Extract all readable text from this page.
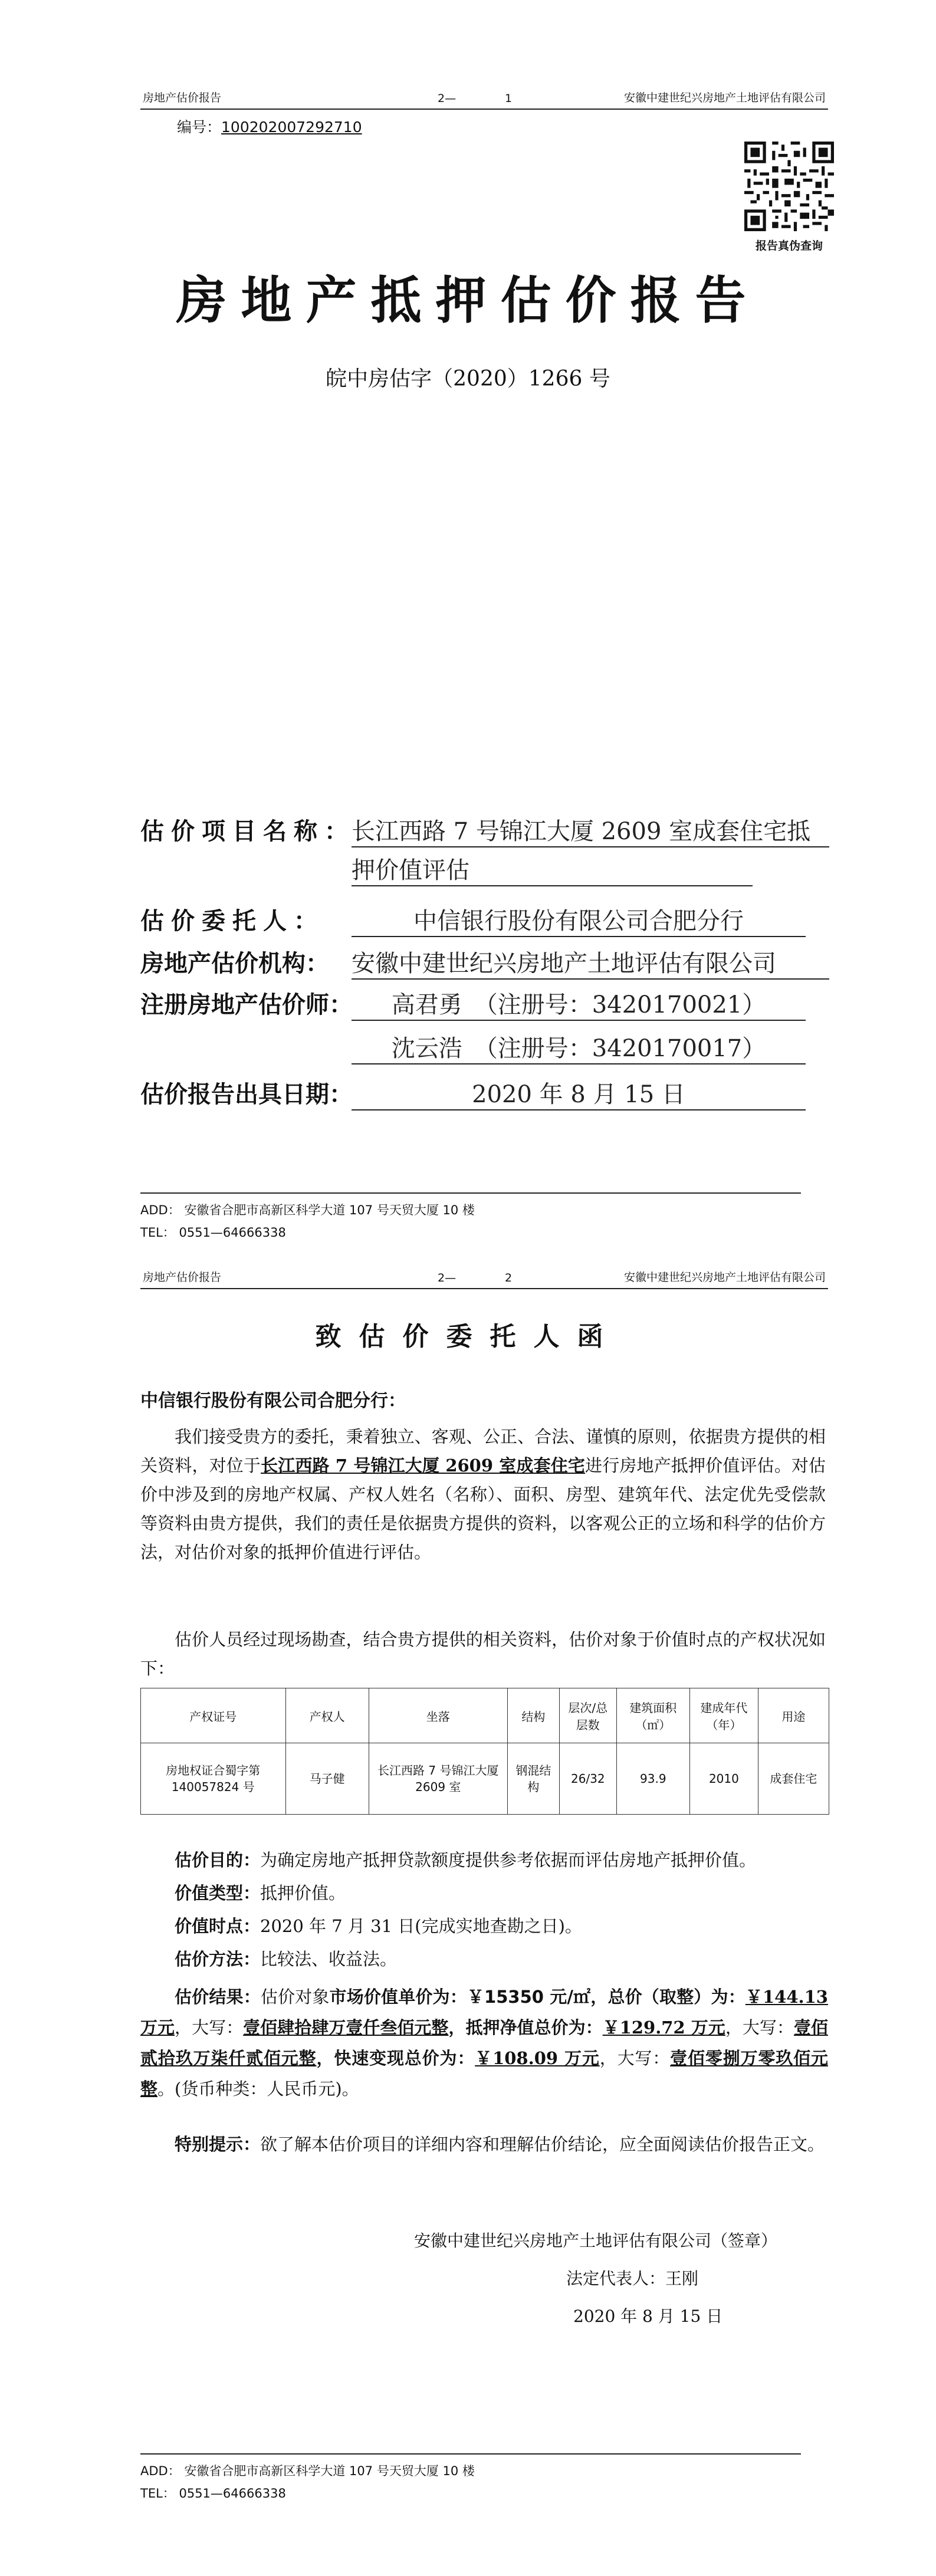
房地产估价报告	2—	1	安徽中建世纪兴房地产土地评估有限公司
编号：100202007292710
报告真伪查询
房地产抵押估价报告
皖中房估字（2020）1266 号
估价项目名称：
长江西路 7 号锦江大厦 2609 室成套住宅抵
押价值评估
估价委托人：	中信银行股份有限公司合肥分行
房地产估价机构： 安徽中建世纪兴房地产土地评估有限公司
注册房地产估价师：	高君勇　（注册号：3420170021）
沈云浩　（注册号：3420170017）
估价报告出具日期：	2020 年 8 月 15 日
ADD： 安徽省合肥市高新区科学大道 107 号天贸大厦 10 楼
TEL： 0551—64666338
房地产估价报告	2—	2	安徽中建世纪兴房地产土地评估有限公司
致估价委托人函
中信银行股份有限公司合肥分行：
我们接受贵方的委托，秉着独立、客观、公正、合法、谨慎的原则，依据贵方提供的相关资料，对位于长江西路 7 号锦江大厦 2609 室成套住宅进行房地产抵押价值评估。对估价中涉及到的房地产权属、产权人姓名（名称）、面积、房型、建筑年代、法定优先受偿款等资料由贵方提供，我们的责任是依据贵方提供的资料，以客观公正的立场和科学的估价方法，对估价对象的抵押价值进行评估。
估价人员经过现场勘查，结合贵方提供的相关资料，估价对象于价值时点的产权状况如下：
产权证号	产权人	坐落	结构	层次/总层数	建筑面积（㎡）	建成年代（年）	用途
房地权证合蜀字第140057824 号	马子健	长江西路 7 号锦江大厦 2609 室	钢混结构	26/32	93.9	2010	成套住宅
估价目的：为确定房地产抵押贷款额度提供参考依据而评估房地产抵押价值。
价值类型：抵押价值。
价值时点：2020 年 7 月 31 日(完成实地查勘之日)。
估价方法：比较法、收益法。
估价结果：估价对象市场价值单价为：￥15350 元/㎡，总价（取整）为：￥144.13 万元，大写：壹佰肆拾肆万壹仟叁佰元整，抵押净值总价为：￥129.72 万元，大写：壹佰贰拾玖万柒仟贰佰元整，快速变现总价为：￥108.09 万元，大写：壹佰零捌万零玖佰元整。(货币种类：人民币元)。
特别提示：欲了解本估价项目的详细内容和理解估价结论，应全面阅读估价报告正文。
安徽中建世纪兴房地产土地评估有限公司（签章）
法定代表人：王刚
2020 年 8 月 15 日
ADD： 安徽省合肥市高新区科学大道 107 号天贸大厦 10 楼
TEL： 0551—64666338
